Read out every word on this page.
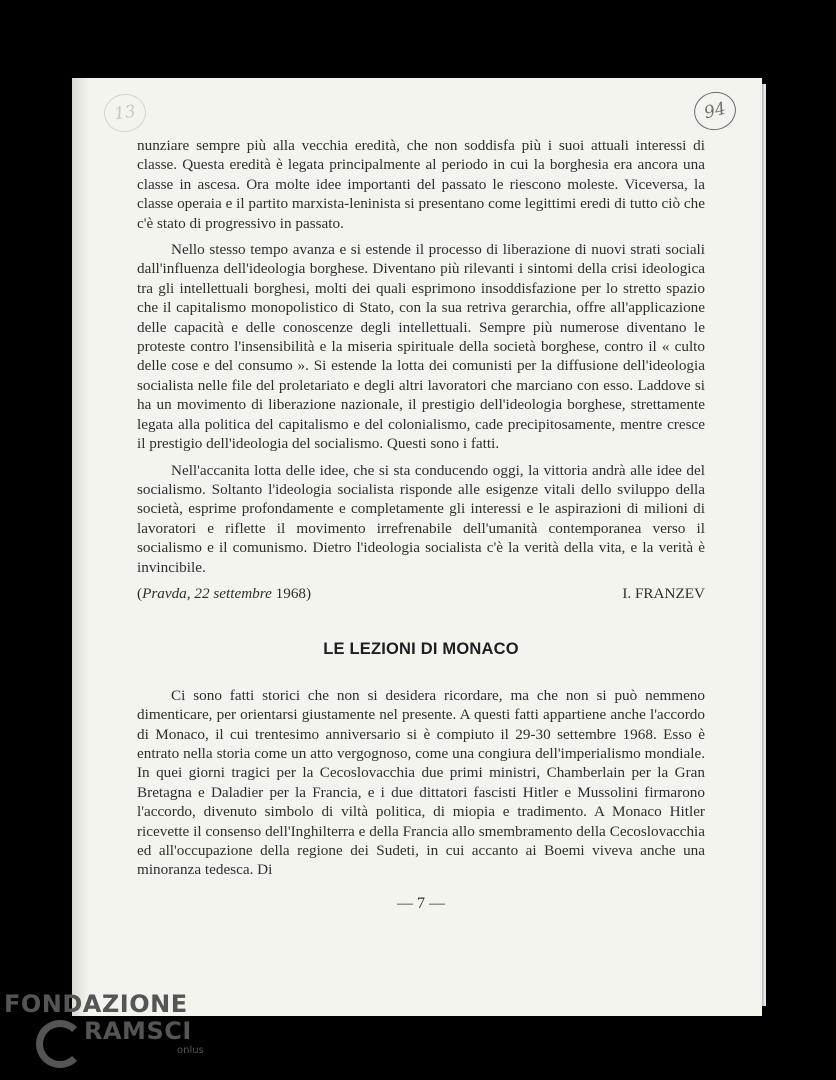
13	94

nunziare sempre più alla vecchia eredità, che non soddisfa più i suoi attuali interessi di classe. Questa eredità è legata principalmente al periodo in cui la borghesia era ancora una classe in ascesa. Ora molte idee importanti del passato le riescono moleste. Viceversa, la classe operaia e il partito marxista-leninista si presentano come legittimi eredi di tutto ciò che c'è stato di progressivo in passato.

Nello stesso tempo avanza e si estende il processo di liberazione di nuovi strati sociali dall'influenza dell'ideologia borghese. Diventano più rilevanti i sintomi della crisi ideologica tra gli intellettuali borghesi, molti dei quali esprimono insoddisfazione per lo stretto spazio che il capitalismo monopolistico di Stato, con la sua retriva gerarchia, offre all'applicazione delle capacità e delle conoscenze degli intellettuali. Sempre più numerose diventano le proteste contro l'insensibilità e la miseria spirituale della società borghese, contro il « culto delle cose e del consumo ». Si estende la lotta dei comunisti per la diffusione dell'ideologia socialista nelle file del proletariato e degli altri lavoratori che marciano con esso. Laddove si ha un movimento di liberazione nazionale, il prestigio dell'ideologia borghese, strettamente legata alla politica del capitalismo e del colonialismo, cade precipitosamente, mentre cresce il prestigio dell'ideologia del socialismo. Questi sono i fatti.

Nell'accanita lotta delle idee, che si sta conducendo oggi, la vittoria andrà alle idee del socialismo. Soltanto l'ideologia socialista risponde alle esigenze vitali dello sviluppo della società, esprime profondamente e completamente gli interessi e le aspirazioni di milioni di lavoratori e riflette il movimento irrefrenabile dell'umanità contemporanea verso il socialismo e il comunismo. Dietro l'ideologia socialista c'è la verità della vita, e la verità è invincibile.

(Pravda, 22 settembre 1968)	I. FRANZEV
LE LEZIONI DI MONACO

Ci sono fatti storici che non si desidera ricordare, ma che non si può nemmeno dimenticare, per orientarsi giustamente nel presente. A questi fatti appartiene anche l'accordo di Monaco, il cui trentesimo anniversario si è compiuto il 29-30 settembre 1968. Esso è entrato nella storia come un atto vergognoso, come una congiura dell'imperialismo mondiale. In quei giorni tragici per la Cecoslovacchia due primi ministri, Chamberlain per la Gran Bretagna e Daladier per la Francia, e i due dittatori fascisti Hitler e Mussolini firmarono l'accordo, divenuto simbolo di viltà politica, di miopia e tradimento. A Monaco Hitler ricevette il consenso dell'Inghilterra e della Francia allo smembramento della Cecoslovacchia ed all'occupazione della regione dei Sudeti, in cui accanto ai Boemi viveva anche una minoranza tedesca. Di

— 7 —
FONDAZIONE
RAMSCI
onlus
